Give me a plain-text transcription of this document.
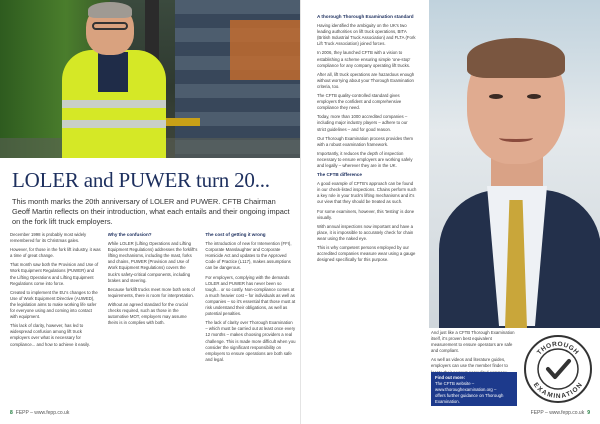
LOLER and PUWER turn 20...

This month marks the 20th anniversary of LOLER and PUWER. CFTB Chairman Geoff Martin reflects on their introduction, what each entails and their ongoing impact on the fork lift truck employers.

December 1998 is probably most widely remembered for its Christmas gales.

However, for those in the fork lift industry, it was a time of great change.

That month saw both the Provision and Use of Work Equipment Regulations (PUWER) and the Lifting Operations and Lifting Equipment Regulations come into force.

Created to implement the EU's changes to the Use of Work Equipment Directive (AUWED), the legislation aims to make working life safer for everyone using and coming into contact with equipment.

This lack of clarity, however, has led to widespread confusion among lift truck employers over what is necessary for compliance... and how to achieve it easily.

Why the confusion?

While LOLER (Lifting Operations and Lifting Equipment Regulations) addresses the forklift's lifting mechanisms, including the mast, forks and chains, PUWER (Provision and Use of Work Equipment Regulations) covers the truck's safety-critical components, including brakes and steering.

Because forklift trucks meet more both sets of requirements, there is room for interpretation.

Without an agreed standard for the crucial checks required, such as those in the automotive MOT, employers may assume theirs is in complies with both.

The cost of getting it wrong

The introduction of new for Intervention (FFI), Corporate Manslaughter and Corporate Homicide Act and updates to the Approved Code of Practice (L117), makes assumptions can be dangerous.

For employers, complying with the demands LOLER and PUWER has never been so tough... or so costly. Non-compliance comes at a much heavier cost – for individuals as well as companies – so it's essential that those must at risk understand their obligations, as well as potential penalties.

The lack of clarity over Thorough Examination – which must be carried out at least once every 12 months – makes choosing providers a real challenge. This is made more difficult when you consider the significant responsibility on employers to ensure operations are both safe and legal.

8 FEPP – www.fepp.co.uk
A thorough Thorough Examination standard

Having identified the ambiguity on the UK's two leading authorities on lift truck operations, BITA (British Industrial Truck Association) and FLTA (Fork Lift Truck Association) joined forces.

In 2006, they launched CFTB with a vision to establishing a scheme ensuring simple 'one-stop' compliance for any company operating lift trucks.

After all, lift truck operations are hazardous enough without worrying about your Thorough Examination criteria, too.

The CFTB quality-controlled standard gives employers the confident and comprehensive compliance they need.

Today, more than 1000 accredited companies – including major industry players – adhere to our strict guidelines – and for good reason.

Our Thorough Examination process provides them with a robust examination framework.

Importantly, it reduces the depth of inspection necessary to ensure employers are working safely and legally – wherever they are in the UK.

The CFTB difference

A good example of CFTB's approach can be found in our check-listed inspections. Chains perform such a key role in your truck's lifting mechanisms and it's our view that they should be treated as such.

For some examiners, however, this 'testing' is done visually.

With annual inspections now important and have a place, it is impossible to accurately check for chain wear using the naked eye.

This is why competent persons employed by our accredited companies measure wear using a gauge designed specifically for this purpose.

And just like a CFTB Thorough Examination itself, it's proven best equivalent measurement to ensure operators are safe and compliant.

As well as videos and literature guides, employers can use the member finder to

Find out more:
The CFTB website –
www.thoroughexamination.org –
offers further guidance on Thorough Examination.
THOROUGH
EXAMINATION
FEPP – www.fepp.co.uk 9
